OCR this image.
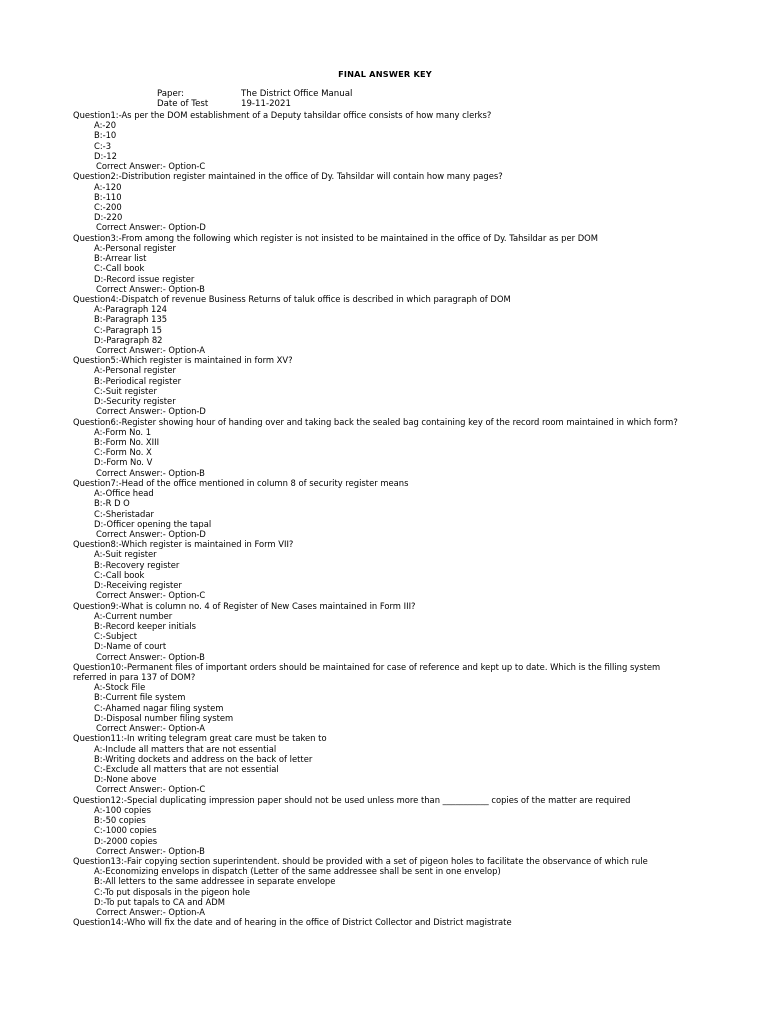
FINAL ANSWER KEY
Paper:	The District Office Manual
Date of Test	19-11-2021
Question1:-As per the DOM establishment of a Deputy tahsildar office consists of how many clerks?
A:-20
B:-10
C:-3
D:-12
Correct Answer:- Option-C
Question2:-Distribution register maintained in the office of Dy. Tahsildar will contain how many pages?
A:-120
B:-110
C:-200
D:-220
Correct Answer:- Option-D
Question3:-From among the following which register is not insisted to be maintained in the office of Dy. Tahsildar as per DOM
A:-Personal register
B:-Arrear list
C:-Call book
D:-Record issue register
Correct Answer:- Option-B
Question4:-Dispatch of revenue Business Returns of taluk office is described in which paragraph of DOM
A:-Paragraph 124
B:-Paragraph 135
C:-Paragraph 15
D:-Paragraph 82
Correct Answer:- Option-A
Question5:-Which register is maintained in form XV?
A:-Personal register
B:-Periodical register
C:-Suit register
D:-Security register
Correct Answer:- Option-D
Question6:-Register showing hour of handing over and taking back the sealed bag containing key of the record room maintained in which form?
A:-Form No. 1
B:-Form No. XIII
C:-Form No. X
D:-Form No. V
Correct Answer:- Option-B
Question7:-Head of the office mentioned in column 8 of security register means
A:-Office head
B:-R D O
C:-Sheristadar
D:-Officer opening the tapal
Correct Answer:- Option-D
Question8:-Which register is maintained in Form VII?
A:-Suit register
B:-Recovery register
C:-Call book
D:-Receiving register
Correct Answer:- Option-C
Question9:-What is column no. 4 of Register of New Cases maintained in Form III?
A:-Current number
B:-Record keeper initials
C:-Subject
D:-Name of court
Correct Answer:- Option-B
Question10:-Permanent files of important orders should be maintained for case of reference and kept up to date. Which is the filling system referred in para 137 of DOM?
A:-Stock File
B:-Current file system
C:-Ahamed nagar filing system
D:-Disposal number filing system
Correct Answer:- Option-A
Question11:-In writing telegram great care must be taken to
A:-Include all matters that are not essential
B:-Writing dockets and address on the back of letter
C:-Exclude all matters that are not essential
D:-None above
Correct Answer:- Option-C
Question12:-Special duplicating impression paper should not be used unless more than ___________ copies of the matter are required
A:-100 copies
B:-50 copies
C:-1000 copies
D:-2000 copies
Correct Answer:- Option-B
Question13:-Fair copying section superintendent. should be provided with a set of pigeon holes to facilitate the observance of which rule
A:-Economizing envelops in dispatch (Letter of the same addressee shall be sent in one envelop)
B:-All letters to the same addressee in separate envelope
C:-To put disposals in the pigeon hole
D:-To put tapals to CA and ADM
Correct Answer:- Option-A
Question14:-Who will fix the date and of hearing in the office of District Collector and District magistrate
